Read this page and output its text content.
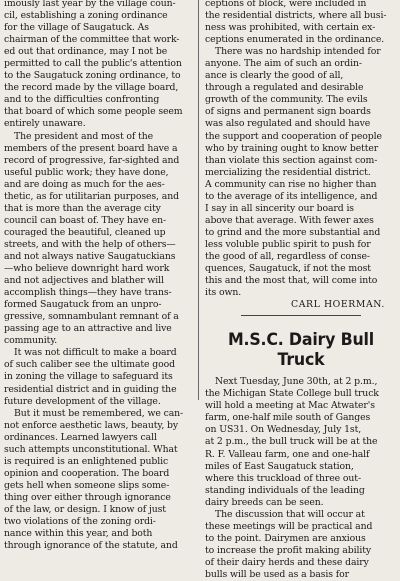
imously last year by the village coun-
cil, establishing a zoning ordinance
for the village of Saugatuck. As
chairman of the committee that work-
ed out that ordinance, may I not be
permitted to call the public's attention
to the Saugatuck zoning ordinance, to
the record made by the village board,
and to the difficulties confronting
that board of which some people seem
entirely unaware.
The president and most of the
members of the present board have a
record of progressive, far-sighted and
useful public work; they have done,
and are doing as much for the aes-
thetic, as for utilitarian purposes, and
that is more than the average city
council can boast of. They have en-
couraged the beautiful, cleaned up
streets, and with the help of others—
and not always native Saugatuckians
—who believe downright hard work
and not adjectives and blather will
accomplish things—they have trans-
formed Saugatuck from an unpro-
gressive, somnambulant remnant of a
passing age to an attractive and live
community.
It was not difficult to make a board
of such caliber see the ultimate good
in zoning the village to safeguard its
residential district and in guiding the
future development of the village.
But it must be remembered, we can-
not enforce aesthetic laws, beauty, by
ordinances. Learned lawyers call
such attempts unconstitutional. What
is required is an enlightened public
opinion and cooperation. The board
gets hell when someone slips some-
thing over either through ignorance
of the law, or design. I know of just
two violations of the zoning ordi-
nance within this year, and both
through ignorance of the statute, and
ceptions of block, were included in
the residential districts, where all busi-
ness was prohibited, with certain ex-
ceptions enumerated in the ordinance.
There was no hardship intended for
anyone. The aim of such an ordin-
ance is clearly the good of all,
through a regulated and desirable
growth of the community. The evils
of signs and permanent sign boards
was also regulated and should have
the support and cooperation of people
who by training ought to know better
than violate this section against com-
mercializing the residential district.
A community can rise no higher than
to the average of its intelligence, and
I say in all sincerity our board is
above that average. With fewer axes
to grind and the more substantial and
less voluble public spirit to push for
the good of all, regardless of conse-
quences, Saugatuck, if not the most
this and the most that, will come into
its own.
CARL HOERMAN.
M.S.C. Dairy Bull Truck
Next Tuesday, June 30th, at 2 p.m.,
the Michigan State College bull truck
will hold a meeting at Mac Atwater's
farm, one-half mile south of Ganges
on US31. On Wednesday, July 1st,
at 2 p.m., the bull truck will be at the
R. F. Valleau farm, one and one-half
miles of East Saugatuck station,
where this truckload of three out-
standing individuals of the leading
dairy breeds can be seen.
The discussion that will occur at
these meetings will be practical and
to the point. Dairymen are anxious
to increase the profit making ability
of their dairy herds and these dairy
bulls will be used as a basis for
